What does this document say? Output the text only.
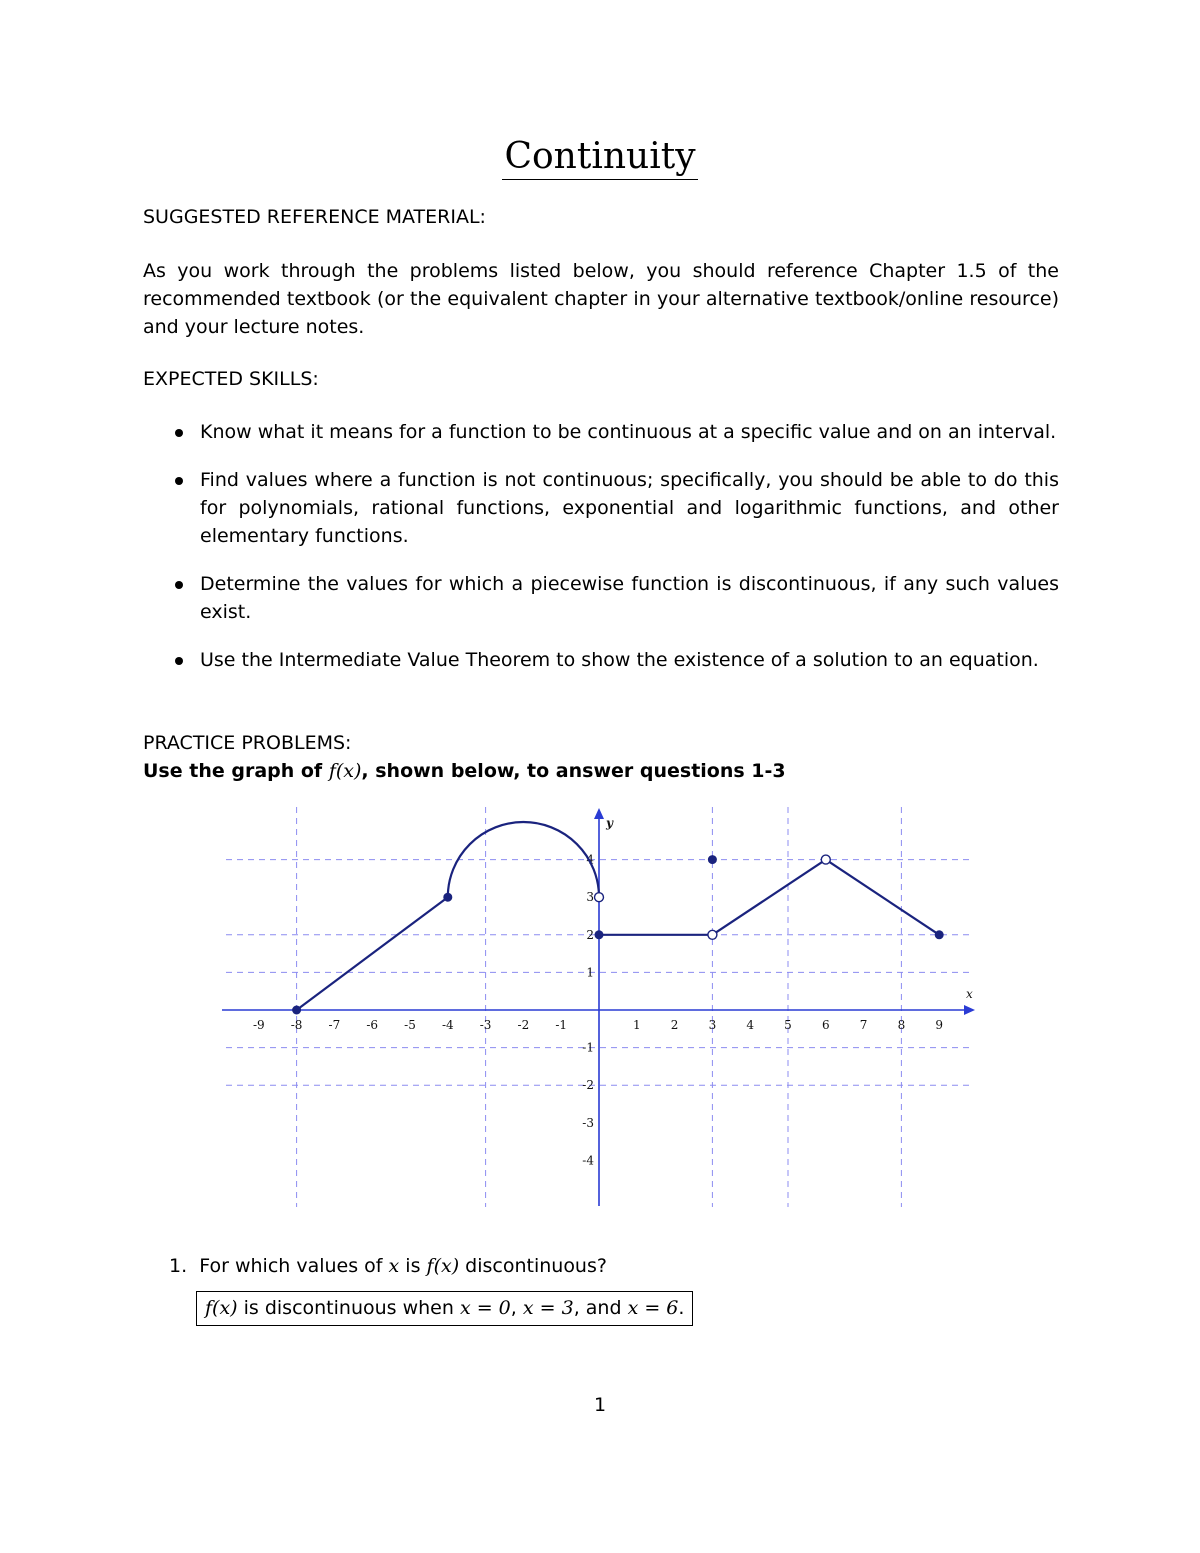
Continuity
SUGGESTED REFERENCE MATERIAL:
As you work through the problems listed below, you should reference Chapter 1.5 of the recommended textbook (or the equivalent chapter in your alternative textbook/online resource) and your lecture notes.
EXPECTED SKILLS:
Know what it means for a function to be continuous at a specific value and on an interval.
Find values where a function is not continuous; specifically, you should be able to do this for polynomials, rational functions, exponential and logarithmic functions, and other elementary functions.
Determine the values for which a piecewise function is discontinuous, if any such values exist.
Use the Intermediate Value Theorem to show the existence of a solution to an equation.
PRACTICE PROBLEMS:
Use the graph of f(x), shown below, to answer questions 1-3
x
y
-9 -8 -7 -6 -5 -4 -3 -2 -1	1	2	3	4	5	6	7	8	9
4
3
2
1
-1
-2
-3
-4
1. For which values of x is f(x) discontinuous?
f(x) is discontinuous when x = 0, x = 3, and x = 6.
1
